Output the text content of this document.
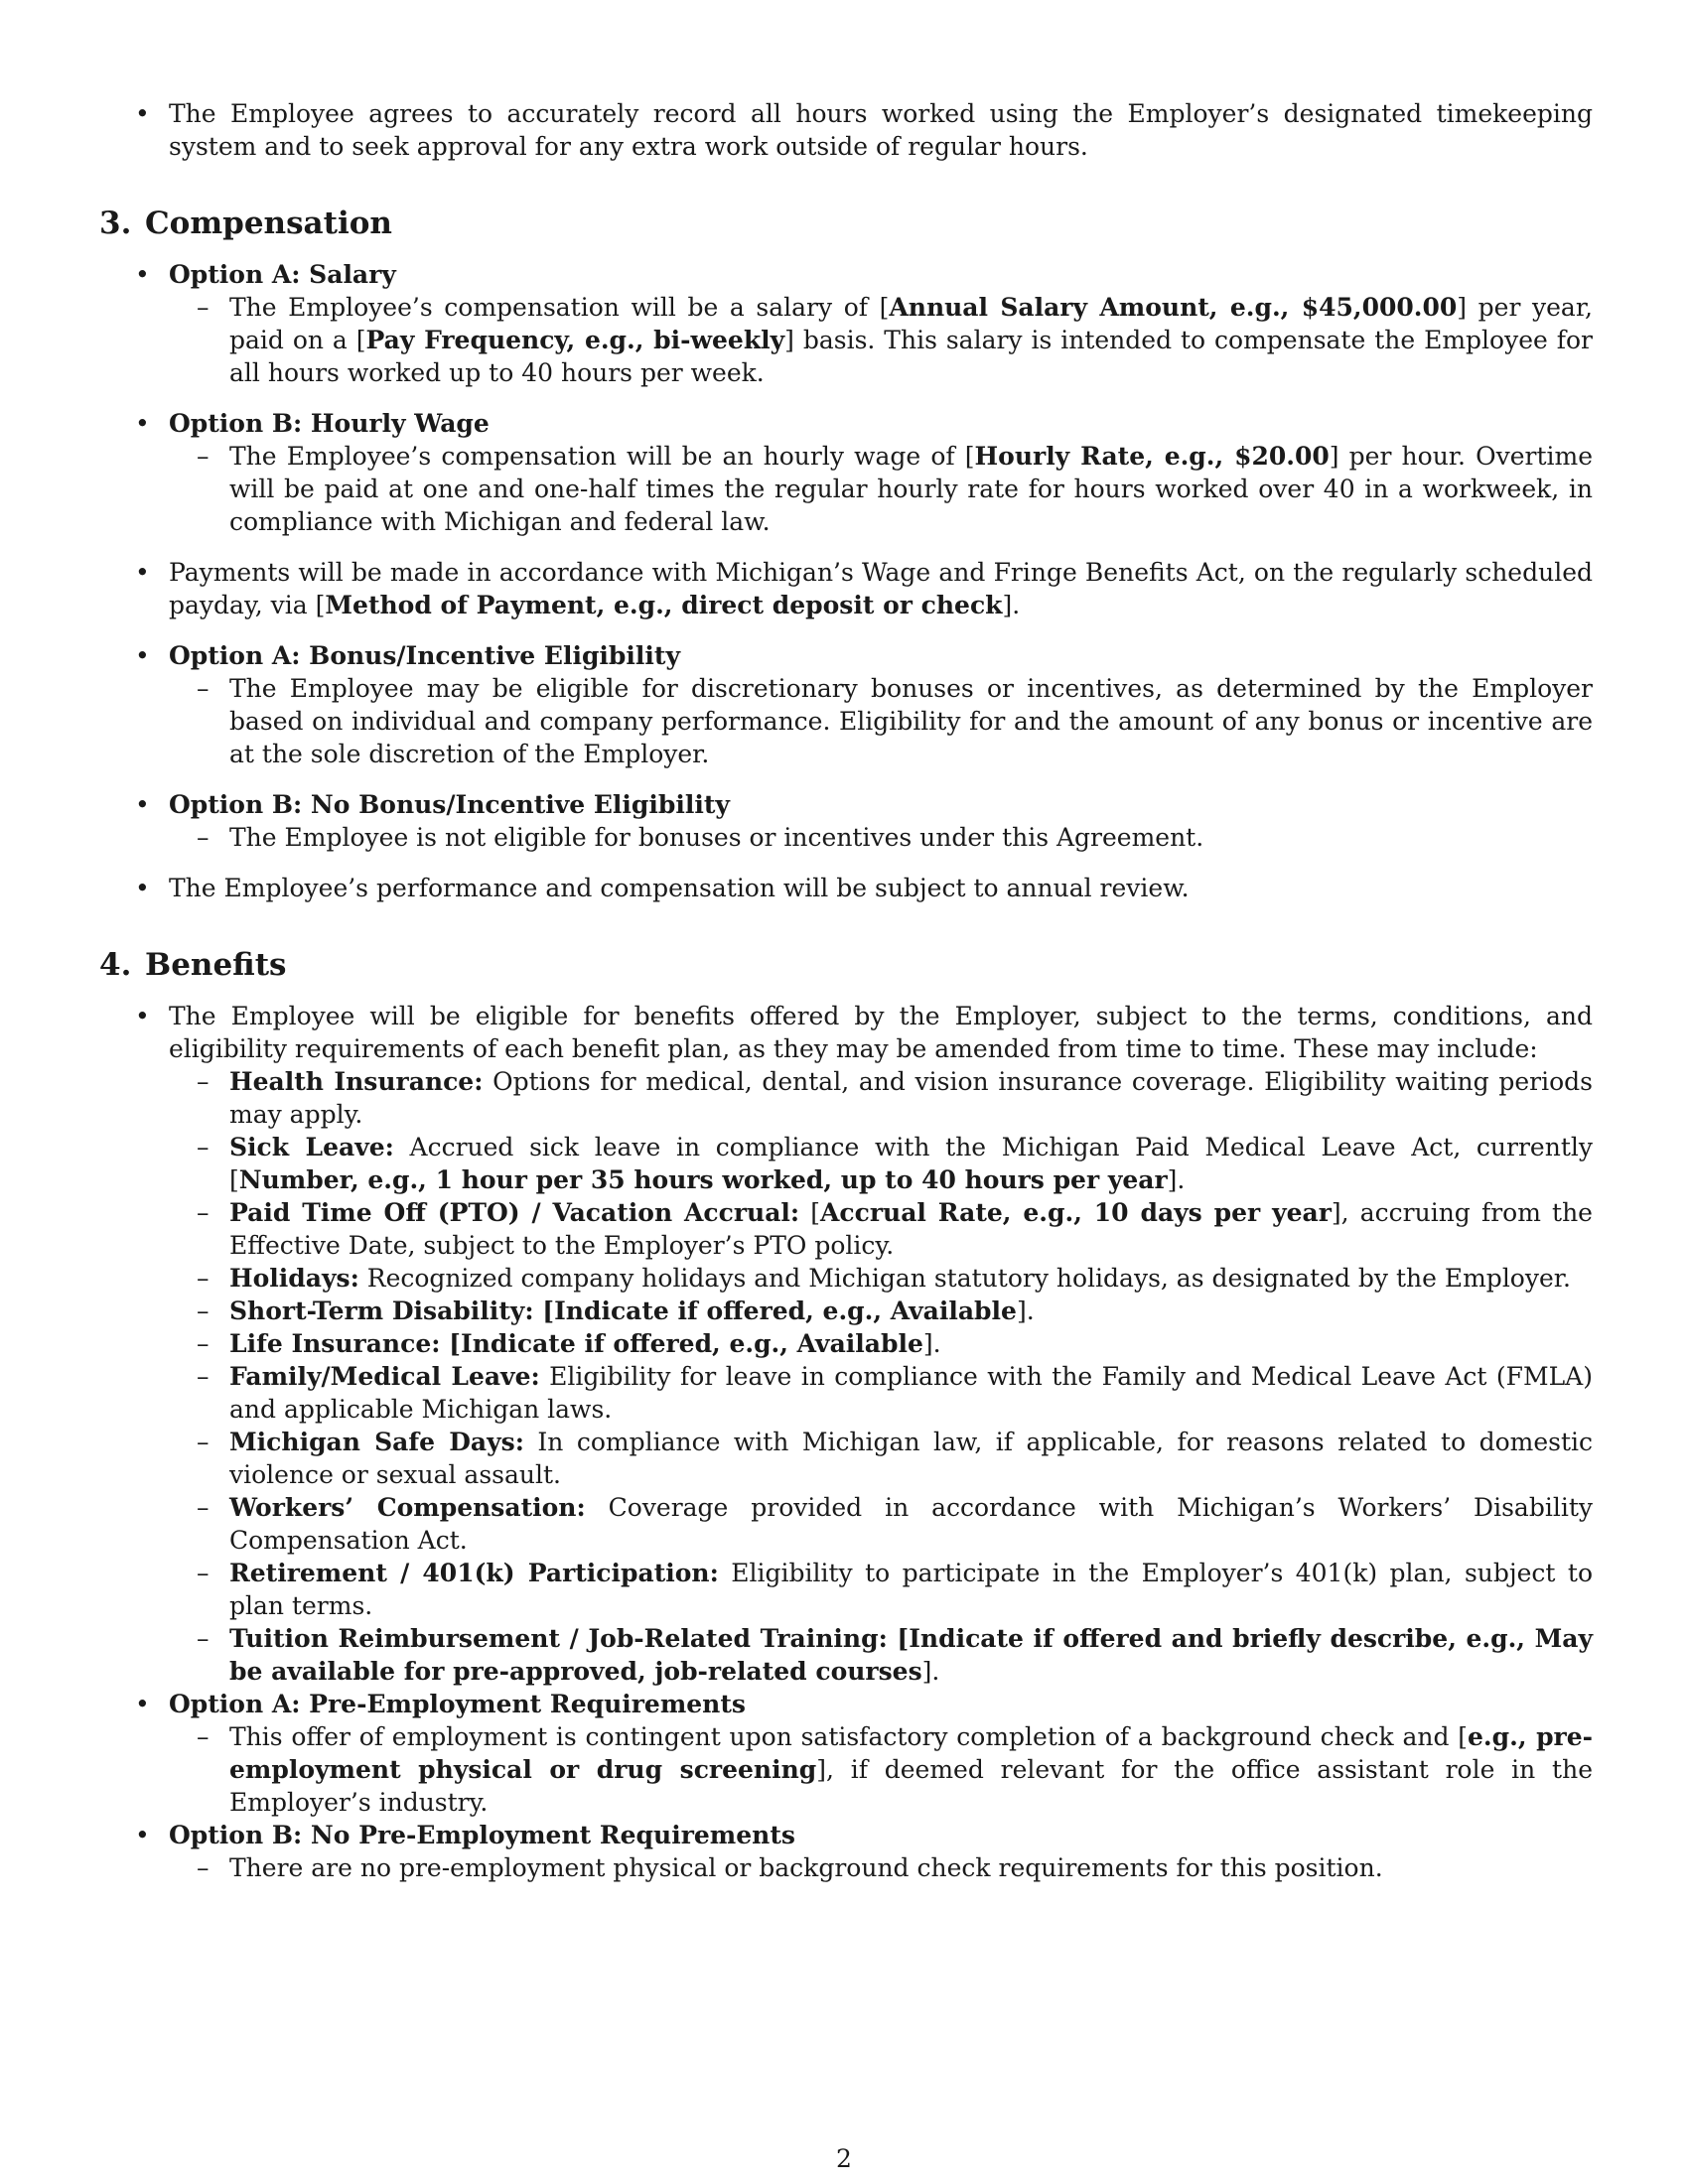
• The Employee agrees to accurately record all hours worked using the Employer’s designated timekeeping system and to seek approval for any extra work outside of regular hours.
3. Compensation
• Option A: Salary
– The Employee’s compensation will be a salary of [Annual Salary Amount, e.g., $45,000.00] per year, paid on a [Pay Frequency, e.g., bi-weekly] basis. This salary is intended to compensate the Employee for all hours worked up to 40 hours per week.
• Option B: Hourly Wage
– The Employee’s compensation will be an hourly wage of [Hourly Rate, e.g., $20.00] per hour. Overtime will be paid at one and one-half times the regular hourly rate for hours worked over 40 in a workweek, in compliance with Michigan and federal law.
• Payments will be made in accordance with Michigan’s Wage and Fringe Benefits Act, on the regularly scheduled payday, via [Method of Payment, e.g., direct deposit or check].
• Option A: Bonus/Incentive Eligibility
– The Employee may be eligible for discretionary bonuses or incentives, as determined by the Employer based on individual and company performance. Eligibility for and the amount of any bonus or incentive are at the sole discretion of the Employer.
• Option B: No Bonus/Incentive Eligibility
– The Employee is not eligible for bonuses or incentives under this Agreement.
• The Employee’s performance and compensation will be subject to annual review.
4. Benefits
• The Employee will be eligible for benefits offered by the Employer, subject to the terms, conditions, and eligibility requirements of each benefit plan, as they may be amended from time to time. These may include:
– Health Insurance: Options for medical, dental, and vision insurance coverage. Eligibility waiting periods may apply.
– Sick Leave: Accrued sick leave in compliance with the Michigan Paid Medical Leave Act, currently [Number, e.g., 1 hour per 35 hours worked, up to 40 hours per year].
– Paid Time Off (PTO) / Vacation Accrual: [Accrual Rate, e.g., 10 days per year], accruing from the Effective Date, subject to the Employer’s PTO policy.
– Holidays: Recognized company holidays and Michigan statutory holidays, as designated by the Employer.
– Short-Term Disability: [Indicate if offered, e.g., Available].
– Life Insurance: [Indicate if offered, e.g., Available].
– Family/Medical Leave: Eligibility for leave in compliance with the Family and Medical Leave Act (FMLA) and applicable Michigan laws.
– Michigan Safe Days: In compliance with Michigan law, if applicable, for reasons related to domestic violence or sexual assault.
– Workers’ Compensation: Coverage provided in accordance with Michigan’s Workers’ Disability Compensation Act.
– Retirement / 401(k) Participation: Eligibility to participate in the Employer’s 401(k) plan, subject to plan terms.
– Tuition Reimbursement / Job-Related Training: [Indicate if offered and briefly describe, e.g., May be available for pre-approved, job-related courses].
• Option A: Pre-Employment Requirements
– This offer of employment is contingent upon satisfactory completion of a background check and [e.g., pre-employment physical or drug screening], if deemed relevant for the office assistant role in the Employer’s industry.
• Option B: No Pre-Employment Requirements
– There are no pre-employment physical or background check requirements for this position.
2
